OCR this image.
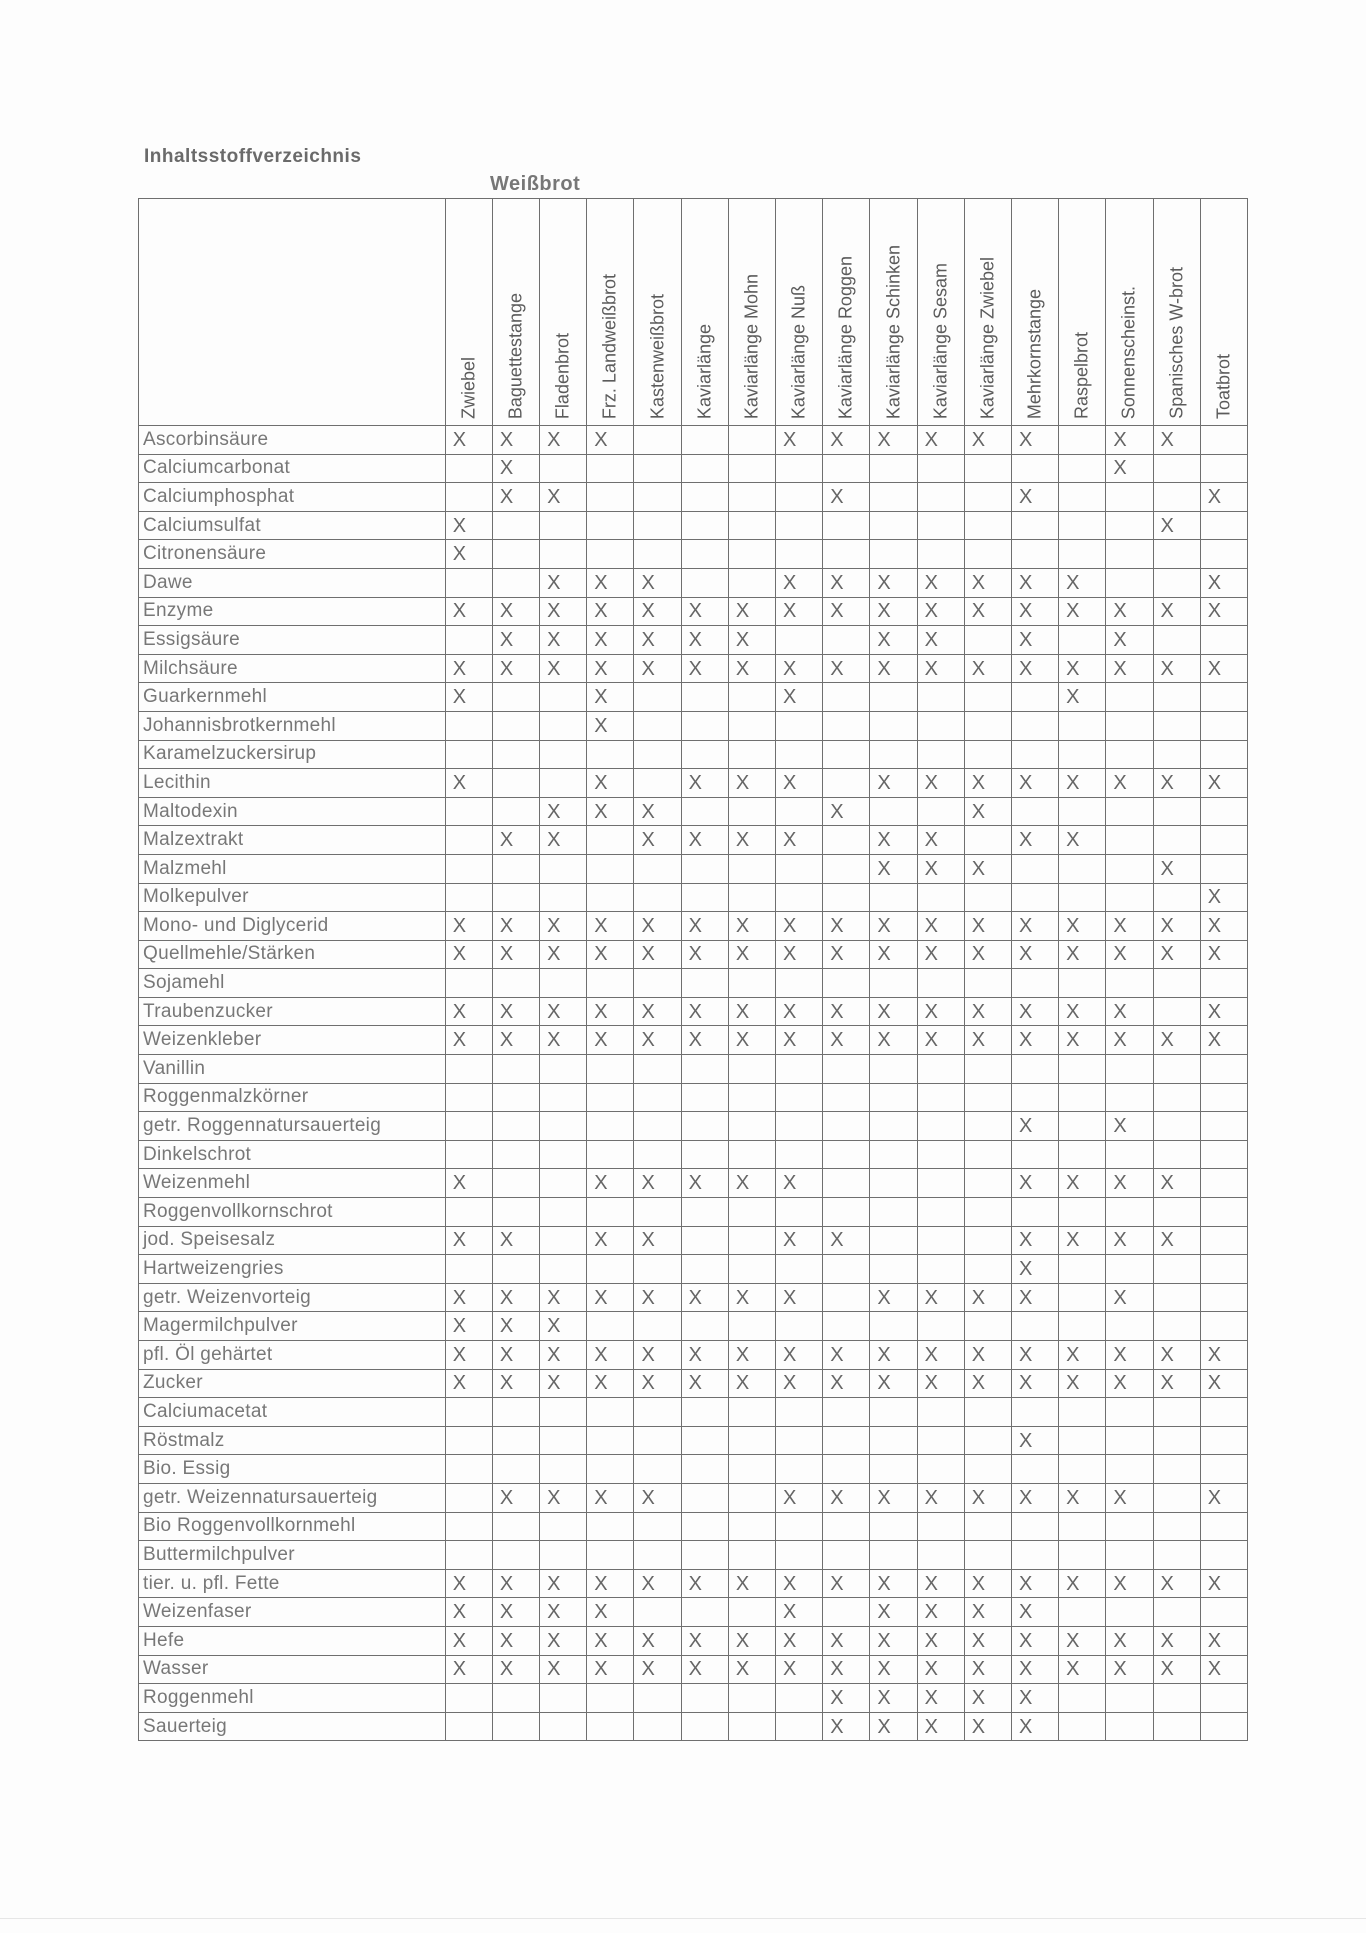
Inhaltsstoffverzeichnis
Weißbrot

	Zwiebel	Baguettestange	Fladenbrot	Frz. Landweißbrot	Kastenweißbrot	Kaviarlänge	Kaviarlänge Mohn	Kaviarlänge Nuß	Kaviarlänge Roggen	Kaviarlänge Schinken	Kaviarlänge Sesam	Kaviarlänge Zwiebel	Mehrkornstange	Raspelbrot	Sonnenscheinst.	Spanisches W-brot	Toatbrot

Ascorbinsäure	X	X	X	X				X	X	X	X	X	X		X	X	
Calciumcarbonat		X													X		
Calciumphosphat		X	X						X				X				X
Calciumsulfat	X															X	
Citronensäure	X																
Dawe			X	X	X			X	X	X	X	X	X	X			X
Enzyme	X	X	X	X	X	X	X	X	X	X	X	X	X	X	X	X	X
Essigsäure		X	X	X	X	X	X			X	X		X		X		
Milchsäure	X	X	X	X	X	X	X	X	X	X	X	X	X	X	X	X	X
Guarkernmehl	X			X				X						X			
Johannisbrotkernmehl				X													
Karamelzuckersirup																	
Lecithin	X			X		X	X	X		X	X	X	X	X	X	X	X
Maltodexin			X	X	X				X			X					
Malzextrakt		X	X		X	X	X	X		X	X		X	X			
Malzmehl										X	X	X				X	
Molkepulver																	X
Mono- und Diglycerid	X	X	X	X	X	X	X	X	X	X	X	X	X	X	X	X	X
Quellmehle/Stärken	X	X	X	X	X	X	X	X	X	X	X	X	X	X	X	X	X
Sojamehl																	
Traubenzucker	X	X	X	X	X	X	X	X	X	X	X	X	X	X	X		X
Weizenkleber	X	X	X	X	X	X	X	X	X	X	X	X	X	X	X	X	X
Vanillin																	
Roggenmalzkörner																	
getr. Roggennatursauerteig													X		X		
Dinkelschrot																	
Weizenmehl	X			X	X	X	X	X					X	X	X	X	
Roggenvollkornschrot																	
jod. Speisesalz	X	X		X	X			X	X				X	X	X	X	
Hartweizengries													X				
getr. Weizenvorteig	X	X	X	X	X	X	X	X		X	X	X	X		X		
Magermilchpulver	X	X	X														
pfl. Öl gehärtet	X	X	X	X	X	X	X	X	X	X	X	X	X	X	X	X	X
Zucker	X	X	X	X	X	X	X	X	X	X	X	X	X	X	X	X	X
Calciumacetat																	
Röstmalz													X				
Bio. Essig																	
getr. Weizennatursauerteig		X	X	X	X			X	X	X	X	X	X	X	X		X
Bio Roggenvollkornmehl																	
Buttermilchpulver																	
tier. u. pfl. Fette	X	X	X	X	X	X	X	X	X	X	X	X	X	X	X	X	X
Weizenfaser	X	X	X	X				X		X	X	X	X				
Hefe	X	X	X	X	X	X	X	X	X	X	X	X	X	X	X	X	X
Wasser	X	X	X	X	X	X	X	X	X	X	X	X	X	X	X	X	X
Roggenmehl									X	X	X	X	X				
Sauerteig									X	X	X	X	X				
